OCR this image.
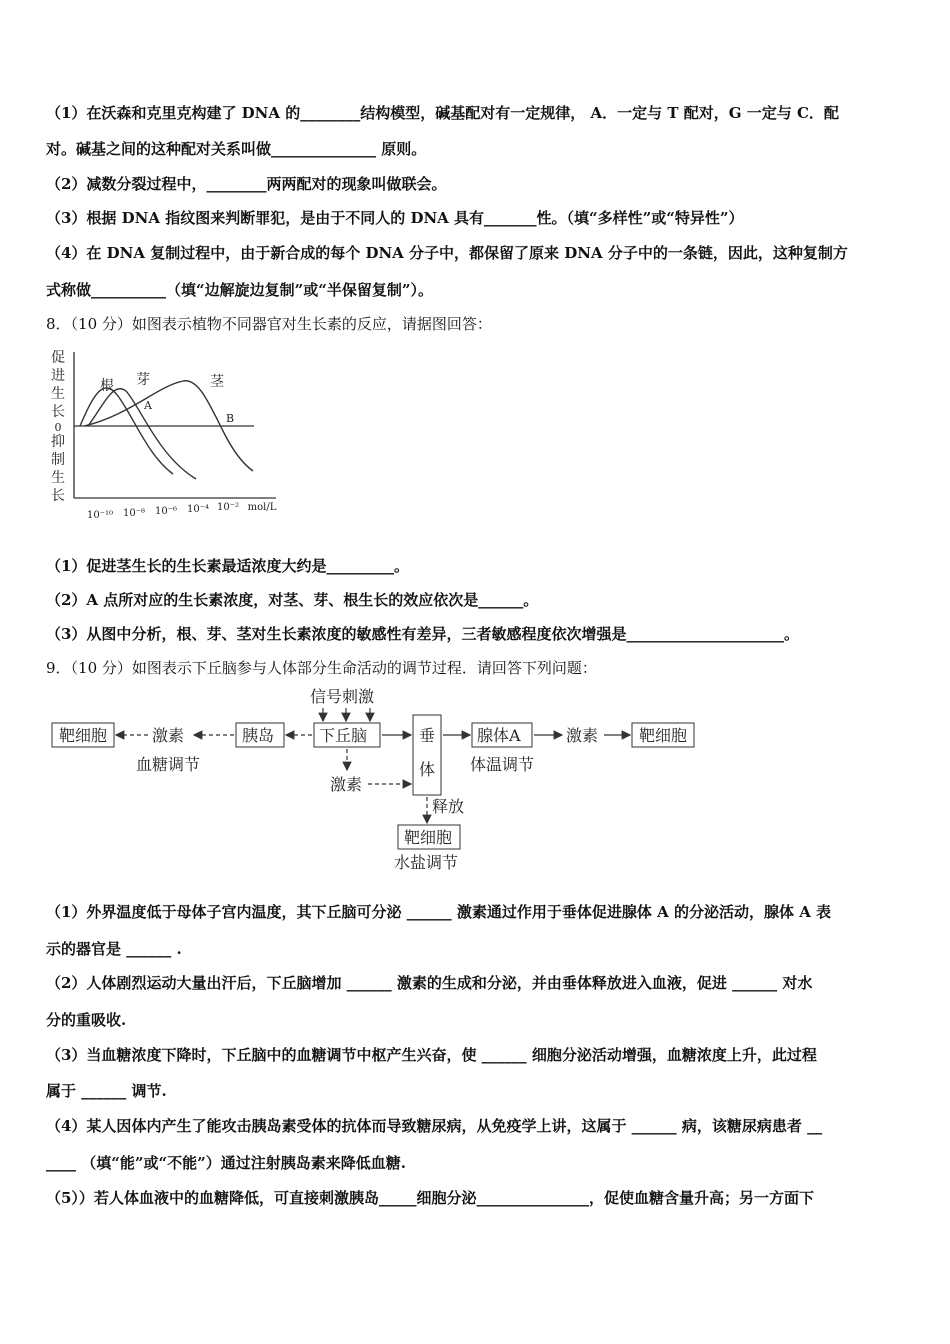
（1）在沃森和克里克构建了 DNA 的________结构模型，碱基配对有一定规律， A．一定与 T 配对，G 一定与 C．配
对。碱基之间的这种配对关系叫做______________ 原则。
（2）减数分裂过程中，________两两配对的现象叫做联会。
（3）根据 DNA 指纹图来判断罪犯，是由于不同人的 DNA 具有_______性。（填“多样性”或“特异性”）
（4）在 DNA 复制过程中，由于新合成的每个 DNA 分子中，都保留了原来 DNA 分子中的一条链，因此，这种复制方
式称做__________（填“边解旋边复制”或“半保留复制”）。
8．（10 分）如图表示植物不同器官对生长素的反应，请据图回答：
促
进
生
长
0
抑
制
生
长
根 芽	茎
A
B
10⁻¹⁰ 10⁻⁸ 10⁻⁶ 10⁻⁴ 10⁻² mol/L
（1）促进茎生长的生长素最适浓度大约是_________。
（2）A 点所对应的生长素浓度，对茎、芽、根生长的效应依次是______。
（3）从图中分析，根、芽、茎对生长素浓度的敏感性有差异，三者敏感程度依次增强是_____________________。
9．（10 分）如图表示下丘脑参与人体部分生命活动的调节过程．请回答下列问题：
信号刺激
靶细胞	激素
血糖调节
胰岛	下丘脑
激素
垂
体
腺体A
体温调节
激素	靶细胞
释放
靶细胞
水盐调节
（1）外界温度低于母体子宫内温度，其下丘脑可分泌 ______ 激素通过作用于垂体促进腺体 A 的分泌活动，腺体 A 表
示的器官是 ______ .
（2）人体剧烈运动大量出汗后，下丘脑增加 ______ 激素的生成和分泌，并由垂体释放进入血液，促进 ______ 对水
分的重吸收.
（3）当血糖浓度下降时，下丘脑中的血糖调节中枢产生兴奋，使 ______ 细胞分泌活动增强，血糖浓度上升，此过程
属于 ______ 调节.
（4）某人因体内产生了能攻击胰岛素受体的抗体而导致糖尿病，从免疫学上讲，这属于 ______ 病，该糖尿病患者 __
____ （填“能”或“不能”）通过注射胰岛素来降低血糖.
（5））若人体血液中的血糖降低，可直接刺激胰岛_____细胞分泌_______________，促使血糖含量升高；另一方面下
